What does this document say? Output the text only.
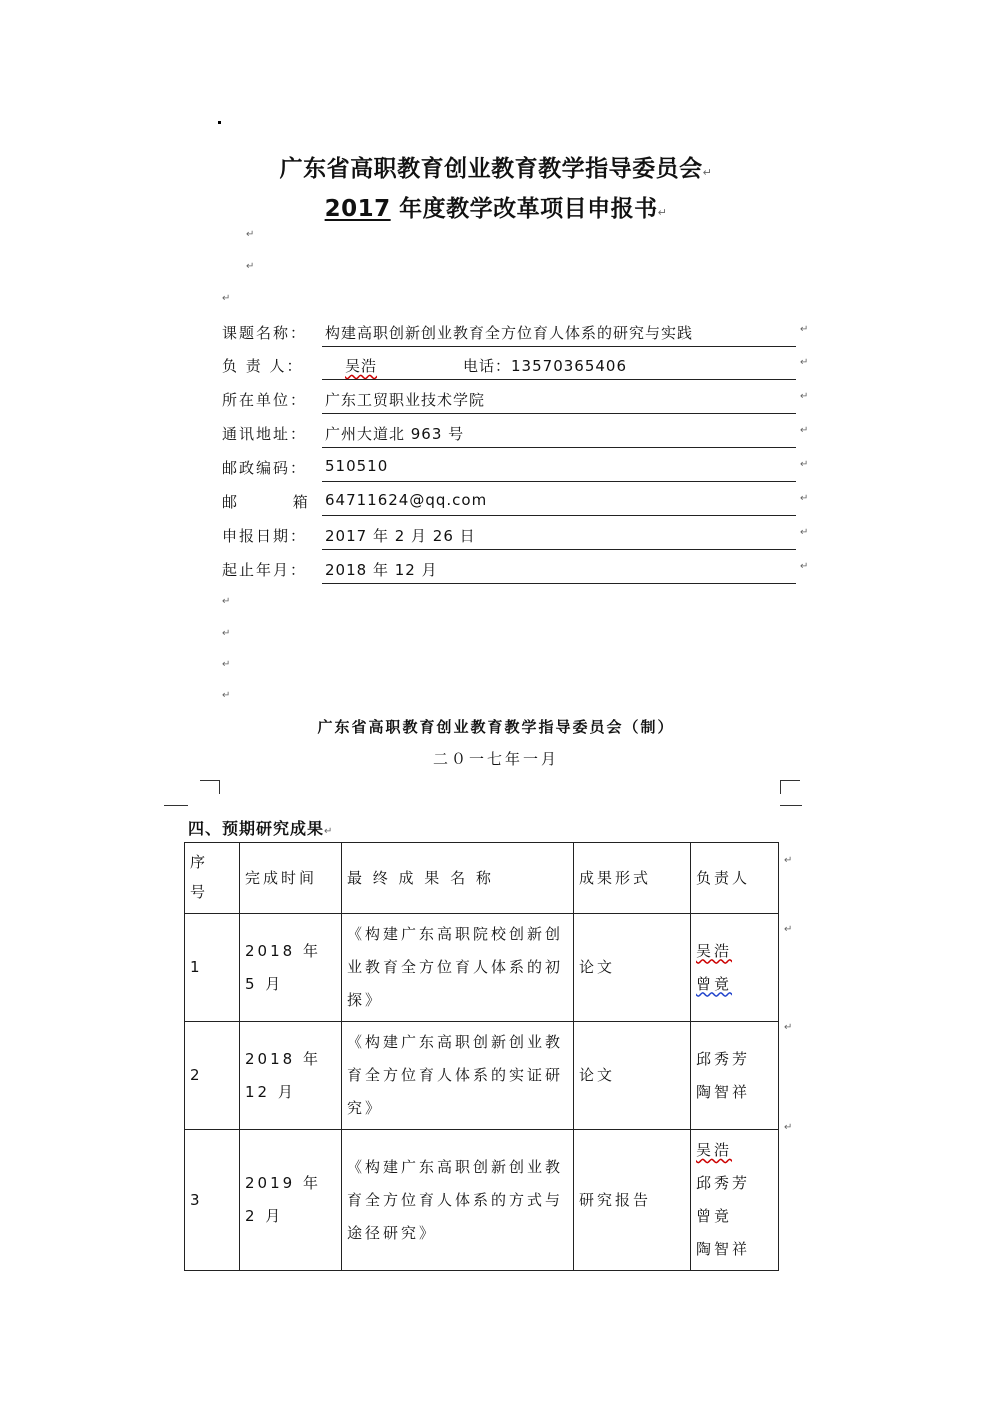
广东省高职教育创业教育教学指导委员会↵
2017 年度教学改革项目申报书↵
↵
↵
↵
课题名称： 构建高职创新创业教育全方位育人体系的研究与实践	↵
负 责 人：	吴浩	电话：13570365406	↵
所在单位： 广东工贸职业技术学院	↵
通讯地址： 广州大道北 963 号	↵
邮政编码： 510510	↵
邮　 箱 64711624@qq.com	↵
申报日期： 2017 年 2 月 26 日	↵
起止年月： 2018 年 12 月	↵
↵
↵
↵
↵
广东省高职教育创业教育教学指导委员会（制）
二０一七年一月
四、预期研究成果↵
序号	完成时间	最 终 成 果 名 称	成果形式	负责人
1	2018 年 5 月	《构建广东高职院校创新创业教育全方位育人体系的初探》	论文	吴浩
曾竟

2	2018 年 12 月	《构建广东高职创新创业教育全方位育人体系的实证研究》	论文	邱秀芳
陶智祥

3	2019 年 2 月	《构建广东高职创新创业教育全方位育人体系的方式与途径研究》	研究报告	吴浩
邱秀芳
曾竟
陶智祥
↵
↵
↵
↵
